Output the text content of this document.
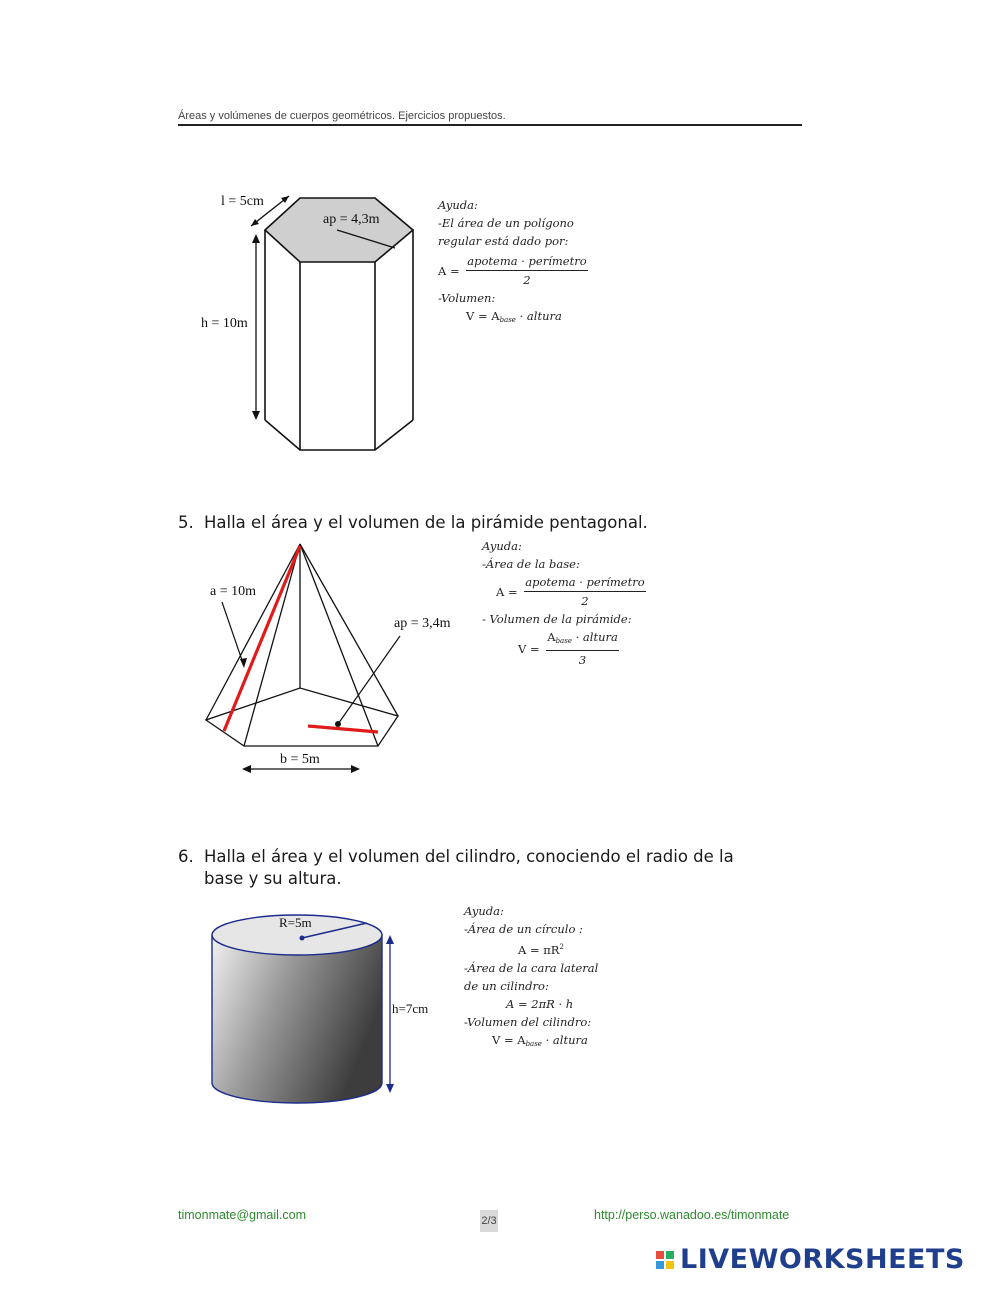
Áreas y volúmenes de cuerpos geométricos. Ejercicios propuestos.
l = 5cm
ap = 4,3m
h = 10m
Ayuda:
-El área de un polígono
regular está dado por:
$A = \frac{\text{apotema · perímetro}}{2}$
-Volumen:
$V = A_{base}$ · altura
5. Halla el área y el volumen de la pirámide pentagonal.
a = 10m
ap = 3,4m
b = 5m
Ayuda:
-Área de la base:
$A = \frac{\text{apotema · perímetro}}{2}$
- Volumen de la pirámide:
$V = \frac{A_{base} \cdot altura}{3}$
6. Halla el área y el volumen del cilindro, conociendo el radio de la
base y su altura.
R=5m
h=7cm
Ayuda:
-Área de un círculo :
$A = \pi R^2$
-Área de la cara lateral
de un cilindro:
A = 2πR · h
-Volumen del cilindro:
$V = A_{base}$ · altura
timonmate@gmail.com	2/3	http://perso.wanadoo.es/timonmate
LIVEWORKSHEETS
